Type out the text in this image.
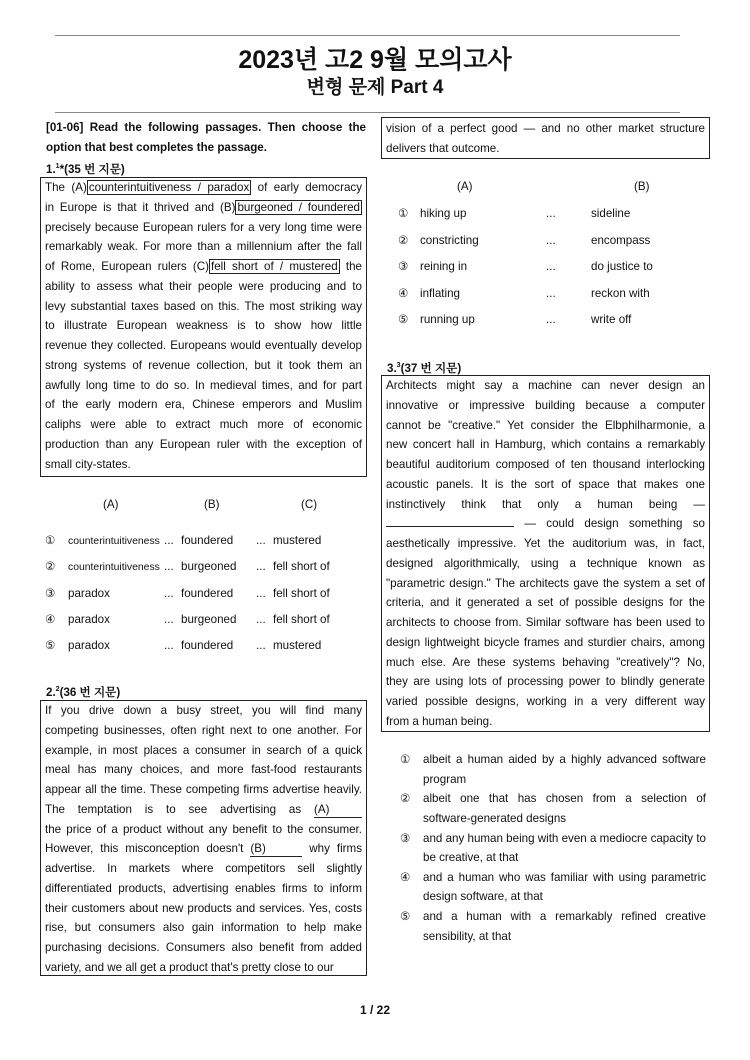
2023년 고2 9월 모의고사
변형 문제 Part 4
[01-06] Read the following passages. Then choose the
option that best completes the passage.
1.$^1$*(35 번 지문)
The (A) counterintuitiveness / paradox of early democracy
in Europe is that it thrived and (B) burgeoned / foundered
precisely because European rulers for a very long time were
remarkably weak. For more than a millennium after the fall
of Rome, European rulers (C) fell short of / mustered the
ability to assess what their people were producing and to
levy substantial taxes based on this. The most striking way
to illustrate European weakness is to show how little
revenue they collected. Europeans would eventually develop
strong systems of revenue collection, but it took them an
awfully long time to do so. In medieval times, and for part
of the early modern era, Chinese emperors and Muslim
caliphs were able to extract much more of economic
production than any European ruler with the exception of
small city-states.
(A)	(B)	(C)
① counterintuitiveness ... foundered ... mustered
② counterintuitiveness ... burgeoned ... fell short of
③ paradox	... foundered ... fell short of
④ paradox	... burgeoned ... fell short of
⑤ paradox	... foundered ... mustered
2.$^2$(36 번 지문)
If you drive down a busy street, you will find many
competing businesses, often right next to one another. For
example, in most places a consumer in search of a quick
meal has many choices, and more fast-food restaurants
appear all the time. These competing firms advertise heavily.
The temptation is to see advertising as (A)
the price of a product without any benefit to the consumer.
However, this misconception doesn't (B)	why firms
advertise. In markets where competitors sell slightly
differentiated products, advertising enables firms to inform
their customers about new products and services. Yes, costs
rise, but consumers also gain information to help make
purchasing decisions. Consumers also benefit from added
variety, and we all get a product that's pretty close to our
vision of a perfect good — and no other market structure
delivers that outcome.
(A)	(B)
① hiking up	...	sideline
② constricting	...	encompass
③ reining in	...	do justice to
④ inflating	...	reckon with
⑤ running up	...	write off
3.$^3$(37 번 지문)
Architects might say a machine can never design an
innovative or impressive building because a computer
cannot be "creative." Yet consider the Elbphilharmonie, a
new concert hall in Hamburg, which contains a remarkably
beautiful auditorium composed of ten thousand interlocking
acoustic panels. It is the sort of space that makes one
instinctively think that only a human being —
— could design something so
aesthetically impressive. Yet the auditorium was, in fact,
designed algorithmically, using a technique known as
"parametric design." The architects gave the system a set of
criteria, and it generated a set of possible designs for the
architects to choose from. Similar software has been used to
design lightweight bicycle frames and sturdier chairs, among
much else. Are these systems behaving "creatively"? No,
they are using lots of processing power to blindly generate
varied possible designs, working in a very different way
from a human being.
① albeit a human aided by a highly advanced software program
② albeit one that has chosen from a selection of software-generated designs
③ and any human being with even a mediocre capacity to be creative, at that
④ and a human who was familiar with using parametric design software, at that
⑤ and a human with a remarkably refined creative sensibility, at that
1 / 22
